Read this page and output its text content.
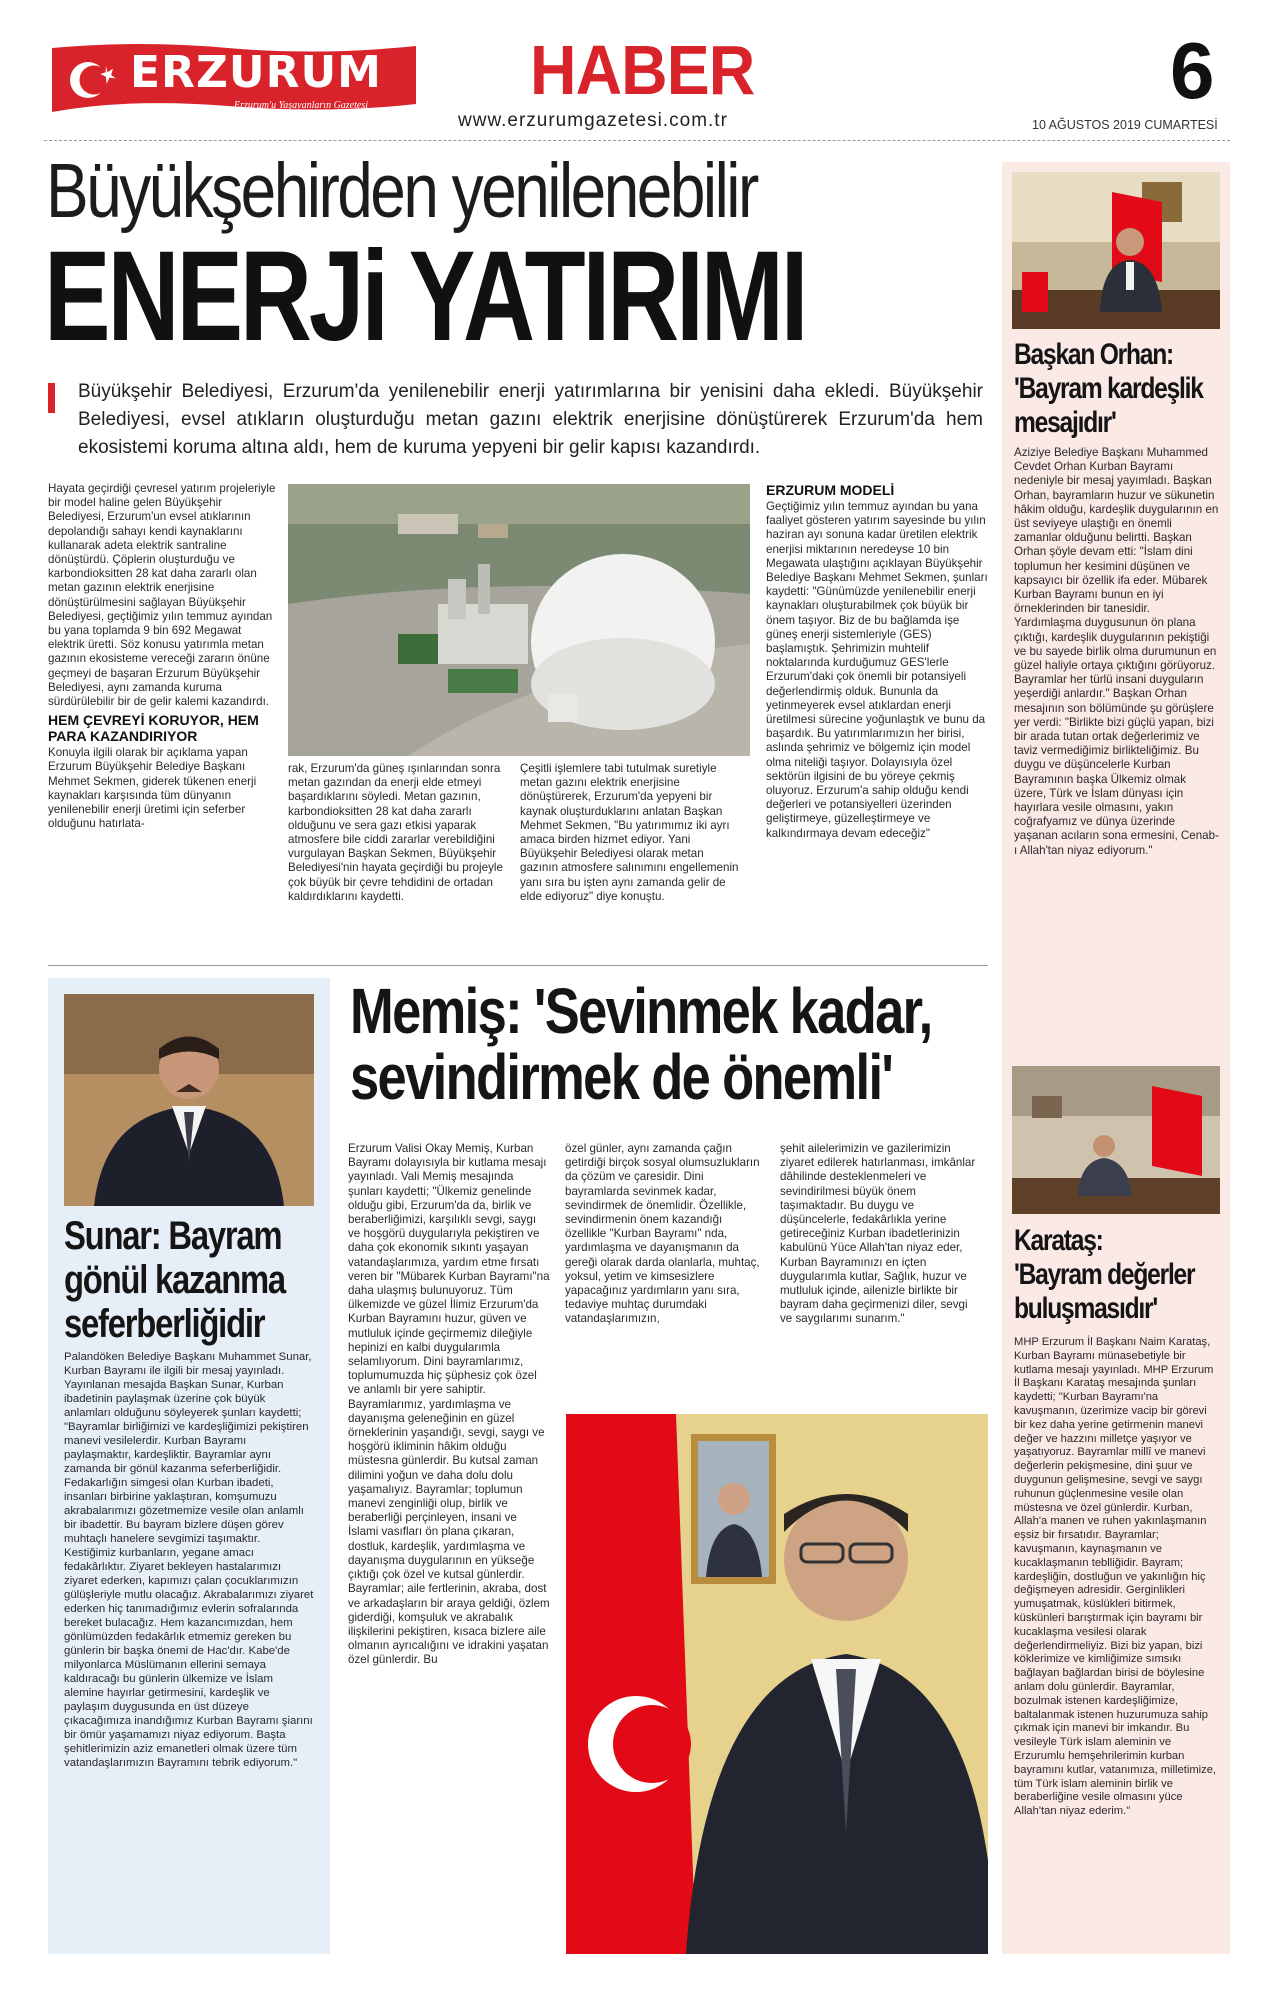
ERZURUM
Erzurum'u Yaşayanların Gazetesi HABER
www.erzurumgazetesi.com.tr
6
10 AĞUSTOS 2019 CUMARTESİ
Büyükşehirden yenilenebilir
ENERJi YATIRIMI
Büyükşehir Belediyesi, Erzurum'da yenilenebilir enerji yatırımlarına bir yenisini daha ekledi. Büyükşehir Belediyesi, evsel atıkların oluşturduğu metan gazını elektrik enerjisine dönüştürerek Erzurum'da hem ekosistemi koruma altına aldı, hem de kuruma yepyeni bir gelir kapısı kazandırdı.

Hayata geçirdiği çevresel yatırım projeleriyle bir model haline gelen Büyükşehir Belediyesi, Erzurum'un evsel atıklarının depolandığı sahayı kendi kaynaklarını kullanarak adeta elektrik santraline dönüştürdü. Çöplerin oluşturduğu ve karbondioksitten 28 kat daha zararlı olan metan gazının elektrik enerjisine dönüştürülmesini sağlayan Büyükşehir Belediyesi, geçtiğimiz yılın temmuz ayından bu yana toplamda 9 bin 692 Megawat elektrik üretti. Söz konusu yatırımla metan gazının ekosisteme vereceği zararın önüne geçmeyi de başaran Erzurum Büyükşehir Belediyesi, aynı zamanda kuruma sürdürülebilir bir de gelir kalemi kazandırdı.

HEM ÇEVREYİ KORUYOR, HEM PARA KAZANDIRIYOR

Konuyla ilgili olarak bir açıklama yapan Erzurum Büyükşehir Belediye Başkanı Mehmet Sekmen, giderek tükenen enerji kaynakları karşısında tüm dünyanın yenilenebilir enerji üretimi için seferber olduğunu hatırlata-

rak, Erzurum'da güneş ışınlarından sonra metan gazından da enerji elde etmeyi başardıklarını söyledi. Metan gazının, karbondioksitten 28 kat daha zararlı olduğunu ve sera gazı etkisi yaparak atmosfere bile ciddi zararlar verebildiğini vurgulayan Başkan Sekmen, Büyükşehir Belediyesi'nin hayata geçirdiği bu projeyle çok büyük bir çevre tehdidini de ortadan kaldırdıklarını kaydetti.
Çeşitli işlemlere tabi tutulmak suretiyle metan gazını elektrik enerjisine dönüştürerek, Erzurum'da yepyeni bir kaynak oluşturduklarını anlatan Başkan Mehmet Sekmen, "Bu yatırımımız iki ayrı amaca birden hizmet ediyor. Yani Büyükşehir Belediyesi olarak metan gazının atmosfere salınımını engellemenin yanı sıra bu işten aynı zamanda gelir de elde ediyoruz" diye konuştu.
ERZURUM MODELİ

Geçtiğimiz yılın temmuz ayından bu yana faaliyet gösteren yatırım sayesinde bu yılın haziran ayı sonuna kadar üretilen elektrik enerjisi miktarının neredeyse 10 bin Megawata ulaştığını açıklayan Büyükşehir Belediye Başkanı Mehmet Sekmen, şunları kaydetti: "Günümüzde yenilenebilir enerji kaynakları oluşturabilmek çok büyük bir önem taşıyor. Biz de bu bağlamda işe güneş enerji sistemleriyle (GES) başlamıştık. Şehrimizin muhtelif noktalarında kurduğumuz GES'lerle Erzurum'daki çok önemli bir potansiyeli değerlendirmiş olduk. Bununla da yetinmeyerek evsel atıklardan enerji üretilmesi sürecine yoğunlaştık ve bunu da başardık. Bu yatırımlarımızın her birisi, aslında şehrimiz ve bölgemiz için model olma niteliği taşıyor. Dolayısıyla özel sektörün ilgisini de bu yöreye çekmiş oluyoruz. Erzurum'a sahip olduğu kendi değerleri ve potansiyelleri üzerinden geliştirmeye, güzelleştirmeye ve kalkındırmaya devam edeceğiz"

Başkan Orhan:
'Bayram kardeşlik mesajıdır'
Aziziye Belediye Başkanı Muhammed Cevdet Orhan Kurban Bayramı nedeniyle bir mesaj yayımladı. Başkan Orhan, bayramların huzur ve sükunetin hâkim olduğu, kardeşlik duygularının en üst seviyeye ulaştığı en önemli zamanlar olduğunu belirtti. Başkan Orhan şöyle devam etti: "İslam dini toplumun her kesimini düşünen ve kapsayıcı bir özellik ifa eder. Mübarek Kurban Bayramı bunun en iyi örneklerinden bir tanesidir. Yardımlaşma duygusunun ön plana çıktığı, kardeşlik duygularının pekiştiği ve bu sayede birlik olma durumunun en güzel haliyle ortaya çıktığını görüyoruz. Bayramlar her türlü insani duyguların yeşerdiği anlardır." Başkan Orhan mesajının son bölümünde şu görüşlere yer verdi: "Birlikte bizi güçlü yapan, bizi bir arada tutan ortak değerlerimiz ve taviz vermediğimiz birlikteliğimiz. Bu duygu ve düşüncelerle Kurban Bayramının başka Ülkemiz olmak üzere, Türk ve İslam dünyası için hayırlara vesile olmasını, yakın coğrafyamız ve dünya üzerinde yaşanan acıların sona ermesini, Cenab-ı Allah'tan niyaz ediyorum."
Karataş:
'Bayram değerler buluşmasıdır'
MHP Erzurum İl Başkanı Naim Karataş, Kurban Bayramı münasebetiyle bir kutlama mesajı yayınladı. MHP Erzurum İl Başkanı Karataş mesajında şunları kaydetti; "Kurban Bayramı'na kavuşmanın, üzerimize vacip bir görevi bir kez daha yerine getirmenin manevi değer ve hazzını milletçe yaşıyor ve yaşatıyoruz. Bayramlar millî ve manevi değerlerin pekişmesine, dini şuur ve duygunun gelişmesine, sevgi ve saygı ruhunun güçlenmesine vesile olan müstesna ve özel günlerdir. Kurban, Allah'a manen ve ruhen yakınlaşmanın eşsiz bir fırsatıdır. Bayramlar; kavuşmanın, kaynaşmanın ve kucaklaşmanın teblliğidir. Bayram; kardeşliğin, dostluğun ve yakınlığın hiç değişmeyen adresidir. Gerginlikleri yumuşatmak, küslükleri bitirmek, küskünleri barıştırmak için bayramı bir kucaklaşma vesilesi olarak değerlendirmeliyiz. Bizi biz yapan, bizi köklerimize ve kimliğimize sımsıkı bağlayan bağlardan birisi de böylesine anlam dolu günlerdir. Bayramlar, bozulmak istenen kardeşliğimize, baltalanmak istenen huzurumuza sahip çıkmak için manevi bir imkandır. Bu vesileyle Türk islam aleminin ve Erzurumlu hemşehrilerimin kurban bayramını kutlar, vatanımıza, milletimize, tüm Türk islam aleminin birlik ve beraberliğine vesile olmasını yüce Allah'tan niyaz ederim."
Sunar: Bayram gönül kazanma seferberliğidir
Palandöken Belediye Başkanı Muhammet Sunar, Kurban Bayramı ile ilgili bir mesaj yayınladı. Yayınlanan mesajda Başkan Sunar, Kurban ibadetinin paylaşmak üzerine çok büyük anlamları olduğunu söyleyerek şunları kaydetti; "Bayramlar birliğimizi ve kardeşliğimizi pekiştiren manevi vesilelerdir. Kurban Bayramı paylaşmaktır, kardeşliktir. Bayramlar aynı zamanda bir gönül kazanma seferberliğidir. Fedakarlığın simgesi olan Kurban ibadeti, insanları birbirine yaklaştıran, komşumuzu akrabalarımızı gözetmemize vesile olan anlamlı bir ibadettir. Bu bayram bizlere düşen görev muhtaçlı hanelere sevgimizi taşımaktır. Kestiğimiz kurbanların, yegane amacı fedakârlıktır. Ziyaret bekleyen hastalarımızı ziyaret ederken, kapımızı çalan çocuklarımızın gülüşleriyle mutlu olacağız. Akrabalarımızı ziyaret ederken hiç tanımadığımız evlerin sofralarında bereket bulacağız. Hem kazancımızdan, hem gönlümüzden fedakârlık etmemiz gereken bu günlerin bir başka önemi de Hac'dır. Kabe'de milyonlarca Müslümanın ellerini semaya kaldıracağı bu günlerin ülkemize ve İslam alemine hayırlar getirmesini, kardeşlik ve paylaşım duygusunda en üst düzeye çıkacağımıza inandığımız Kurban Bayramı şiarını bir ömür yaşamamızı niyaz ediyorum. Başta şehitlerimizin aziz emanetleri olmak üzere tüm vatandaşlarımızın Bayramını tebrik ediyorum."
Memiş: 'Sevinmek kadar, sevindirmek de önemli'
Erzurum Valisi Okay Memiş, Kurban Bayramı dolayısıyla bir kutlama mesajı yayınladı. Vali Memiş mesajında şunları kaydetti; "Ülkemiz genelinde olduğu gibi, Erzurum'da da, birlik ve beraberliğimizi, karşılıklı sevgi, saygı ve hoşgörü duygularıyla pekiştiren ve daha çok ekonomik sıkıntı yaşayan vatandaşlarımıza, yardım etme fırsatı veren bir "Mübarek Kurban Bayramı"na daha ulaşmış bulunuyoruz. Tüm ülkemizde ve güzel İlimiz Erzurum'da Kurban Bayramını huzur, güven ve mutluluk içinde geçirmemiz dileğiyle hepinizi en kalbi duygularımla selamlıyorum. Dini bayramlarımız, toplumumuzda hiç şüphesiz çok özel ve anlamlı bir yere sahiptir. Bayramlarımız, yardımlaşma ve dayanışma geleneğinin en güzel örneklerinin yaşandığı, sevgi, saygı ve hoşgörü ikliminin hâkim olduğu müstesna günlerdir. Bu kutsal zaman dilimini yoğun ve daha dolu dolu yaşamalıyız. Bayramlar; toplumun manevi zenginliği olup, birlik ve beraberliği perçinleyen, insani ve İslami vasıfları ön plana çıkaran, dostluk, kardeşlik, yardımlaşma ve dayanışma duygularının en yükseğe çıktığı çok özel ve kutsal günlerdir. Bayramlar; aile fertlerinin, akraba, dost ve arkadaşların bir araya geldiği, özlem giderdiği, komşuluk ve akrabalık ilişkilerini pekiştiren, kısaca bizlere aile olmanın ayrıcalığını ve idrakini yaşatan özel günlerdir. Bu
özel günler, aynı zamanda çağın getirdiği birçok sosyal olumsuzlukların da çözüm ve çaresidir. Dini bayramlarda sevinmek kadar, sevindirmek de önemlidir. Özellikle, sevindirmenin önem kazandığı özellikle "Kurban Bayramı" nda, yardımlaşma ve dayanışmanın da gereği olarak darda olanlarla, muhtaç, yoksul, yetim ve kimsesizlere yapacağınız yardımların yanı sıra, tedaviye muhtaç durumdaki vatandaşlarımızın,
şehit ailelerimizin ve gazilerimizin ziyaret edilerek hatırlanması, imkânlar dâhilinde desteklenmeleri ve sevindirilmesi büyük önem taşımaktadır. Bu duygu ve düşüncelerle, fedakârlıkla yerine getireceğiniz Kurban ibadetlerinizin kabulünü Yüce Allah'tan niyaz eder, Kurban Bayramınızı en içten duygularımla kutlar, Sağlık, huzur ve mutluluk içinde, ailenizle birlikte bir bayram daha geçirmenizi diler, sevgi ve saygılarımı sunarım."
